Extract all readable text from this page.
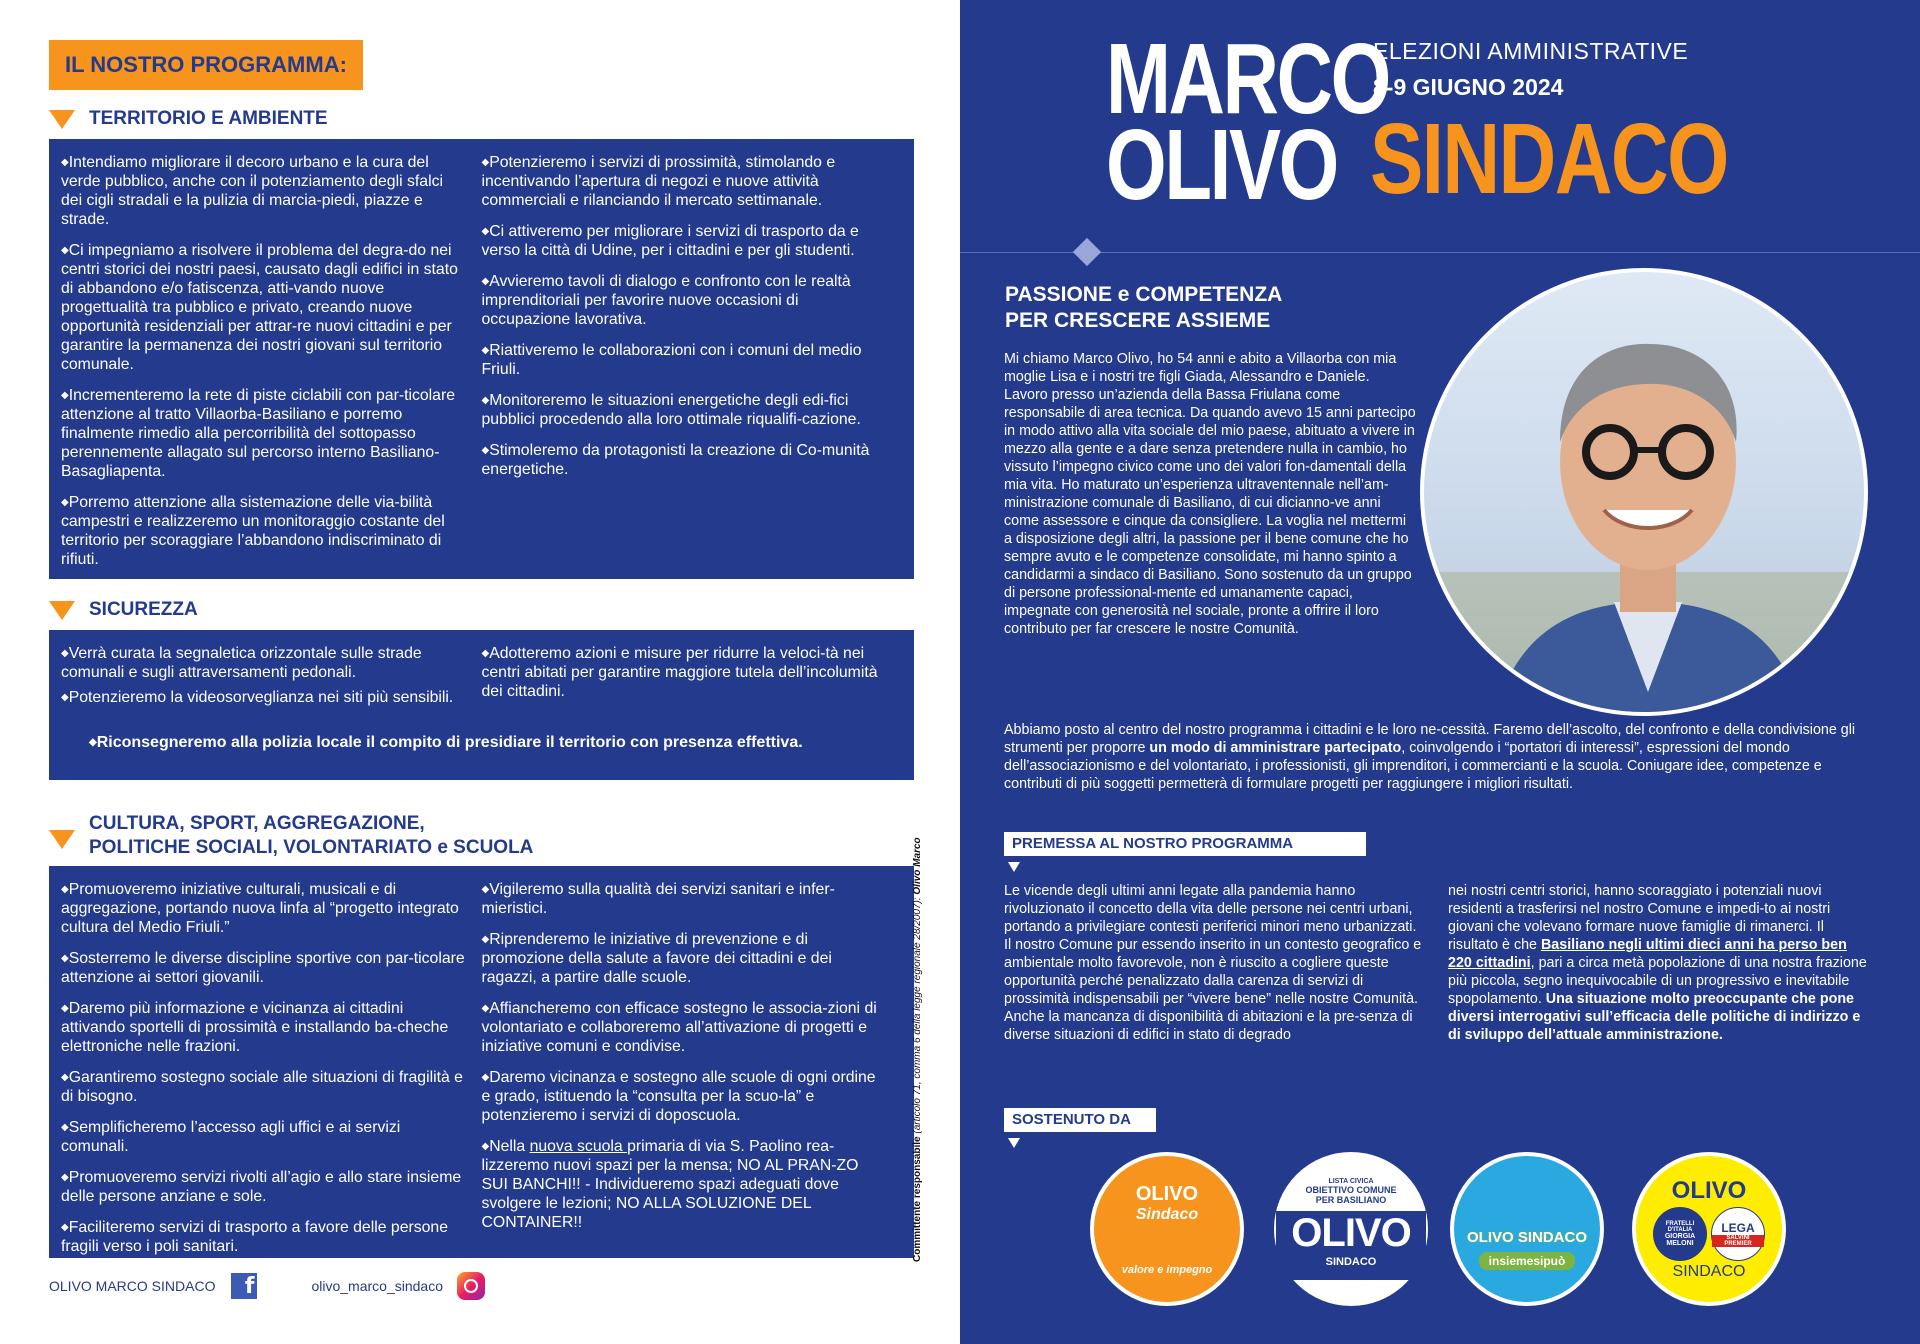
IL NOSTRO PROGRAMMA:
TERRITORIO E AMBIENTE

◆ Intendiamo migliorare il decoro urbano e la cura del verde pubblico, anche con il potenziamento degli sfalci dei cigli stradali e la pulizia di marcia-piedi, piazze e strade.

◆ Ci impegniamo a risolvere il problema del degra-do nei centri storici dei nostri paesi, causato dagli edifici in stato di abbandono e/o fatiscenza, atti-vando nuove progettualità tra pubblico e privato, creando nuove opportunità residenziali per attrar-re nuovi cittadini e per garantire la permanenza dei nostri giovani sul territorio comunale.

◆ Incrementeremo la rete di piste ciclabili con par-ticolare attenzione al tratto Villaorba-Basiliano e porremo finalmente rimedio alla percorribilità del sottopasso perennemente allagato sul percorso interno Basiliano-Basagliapenta.

◆ Porremo attenzione alla sistemazione delle via-bilità campestri e realizzeremo un monitoraggio costante del territorio per scoraggiare l’abbandono indiscriminato di rifiuti.

◆ Potenzieremo i servizi di prossimità, stimolando e incentivando l’apertura di negozi e nuove attività commerciali e rilanciando il mercato settimanale.

◆ Ci attiveremo per migliorare i servizi di trasporto da e verso la città di Udine, per i cittadini e per gli studenti.

◆ Avvieremo tavoli di dialogo e confronto con le realtà imprenditoriali per favorire nuove occasioni di occupazione lavorativa.

◆ Riattiveremo le collaborazioni con i comuni del medio Friuli.

◆ Monitoreremo le situazioni energetiche degli edi-fici pubblici procedendo alla loro ottimale riqualifi-cazione.

◆ Stimoleremo da protagonisti la creazione di Co-munità energetiche.

SICUREZZA

◆ Verrà curata la segnaletica orizzontale sulle strade comunali e sugli attraversamenti pedonali.

◆ Potenzieremo la videosorveglianza nei siti più sensibili.

◆ Adotteremo azioni e misure per ridurre la veloci-tà nei centri abitati per garantire maggiore tutela dell’incolumità dei cittadini.

◆ Riconsegneremo alla polizia locale il compito di presidiare il territorio con presenza effettiva.
CULTURA, SPORT, AGGREGAZIONE,
POLITICHE SOCIALI, VOLONTARIATO e SCUOLA

◆ Promuoveremo iniziative culturali, musicali e di aggregazione, portando nuova linfa al “progetto integrato cultura del Medio Friuli.”

◆ Sosterremo le diverse discipline sportive con par-ticolare attenzione ai settori giovanili.

◆ Daremo più informazione e vicinanza ai cittadini attivando sportelli di prossimità e installando ba-cheche elettroniche nelle frazioni.

◆ Garantiremo sostegno sociale alle situazioni di fragilità e di bisogno.

◆ Semplificheremo l’accesso agli uffici e ai servizi comunali.

◆ Promuoveremo servizi rivolti all’agio e allo stare insieme delle persone anziane e sole.

◆ Faciliteremo servizi di trasporto a favore delle persone fragili verso i poli sanitari.

◆ Vigileremo sulla qualità dei servizi sanitari e infer-mieristici.

◆ Riprenderemo le iniziative di prevenzione e di promozione della salute a favore dei cittadini e dei ragazzi, a partire dalle scuole.

◆ Affiancheremo con efficace sostegno le associa-zioni di volontariato e collaboreremo all’attivazione di progetti e iniziative comuni e condivise.

◆ Daremo vicinanza e sostegno alle scuole di ogni ordine e grado, istituendo la “consulta per la scuo-la” e potenzieremo i servizi di doposcuola.

◆ Nella nuova scuola primaria di via S. Paolino rea-lizzeremo nuovi spazi per la mensa; NO AL PRAN-ZO SUI BANCHI!! - Individueremo spazi adeguati dove svolgere le lezioni; NO ALLA SOLUZIONE DEL CONTAINER!!	Committente responsabile (articolo 71, comma 6 della legge regionale 28/2007): Olivo Marco
OLIVO MARCO SINDACO	f	olivo_marco_sindaco
MARCO
OLIVO
ELEZIONI AMMINISTRATIVE
8-9 GIUGNO 2024
SINDACO
PASSIONE e COMPETENZA
PER CRESCERE ASSIEME
Mi chiamo Marco Olivo, ho 54 anni e abito a Villaorba con mia moglie Lisa e i nostri tre figli Giada, Alessandro e Daniele. Lavoro presso un’azienda della Bassa Friulana come responsabile di area tecnica. Da quando avevo 15 anni partecipo in modo attivo alla vita sociale del mio paese, abituato a vivere in mezzo alla gente e a dare senza pretendere nulla in cambio, ho vissuto l’impegno civico come uno dei valori fon-damentali della mia vita. Ho maturato un’esperienza ultraventennale nell’am-ministrazione comunale di Basiliano, di cui dicianno-ve anni come assessore e cinque da consigliere. La voglia nel mettermi a disposizione degli altri, la passione per il bene comune che ho sempre avuto e le competenze consolidate, mi hanno spinto a candidarmi a sindaco di Basiliano. Sono sostenuto da un gruppo di persone professional-mente ed umanamente capaci, impegnate con generosità nel sociale, pronte a offrire il loro contributo per far crescere le nostre Comunità.
Abbiamo posto al centro del nostro programma i cittadini e le loro ne-cessità. Faremo dell’ascolto, del confronto e della condivisione gli strumenti per proporre un modo di amministrare partecipato, coinvolgendo i “portatori di interessi”, espressioni del mondo dell’associazionismo e del volontariato, i professionisti, gli imprenditori, i commercianti e la scuola. Coniugare idee, competenze e contributi di più soggetti permetterà di formulare progetti per raggiungere i migliori risultati.
PREMESSA AL NOSTRO PROGRAMMA
Le vicende degli ultimi anni legate alla pandemia hanno rivoluzionato il concetto della vita delle persone nei centri urbani, portando a privilegiare contesti periferici minori meno urbanizzati. Il nostro Comune pur essendo inserito in un contesto geografico e ambientale molto favorevole, non è riuscito a cogliere queste opportunità perché penalizzato dalla carenza di servizi di prossimità indispensabili per “vivere bene” nelle nostre Comunità. Anche la mancanza di disponibilità di abitazioni e la pre-senza di diverse situazioni di edifici in stato di degrado
nei nostri centri storici, hanno scoraggiato i potenziali nuovi residenti a trasferirsi nel nostro Comune e impedi-to ai nostri giovani che volevano formare nuove famiglie di rimanerci. Il risultato è che Basiliano negli ultimi dieci anni ha perso ben 220 cittadini, pari a circa metà popolazione di una nostra frazione più piccola, segno inequivocabile di un progressivo e inevitabile spopolamento. Una situazione molto preoccupante che pone diversi interrogativi sull’efficacia delle politiche di indirizzo e di sviluppo dell’attuale amministrazione.
SOSTENUTO DA
OLIVO
Sindaco
valore e impegno
LISTA CIVICA
OBIETTIVO COMUNE PER BASILIANO
OLIVO
SINDACO
OLIVO SINDACO
insiemesipuò
OLIVO
FRATELLI D'ITALIA
GIORGIA MELONI
LEGA
SALVINI PREMIER
SINDACO
